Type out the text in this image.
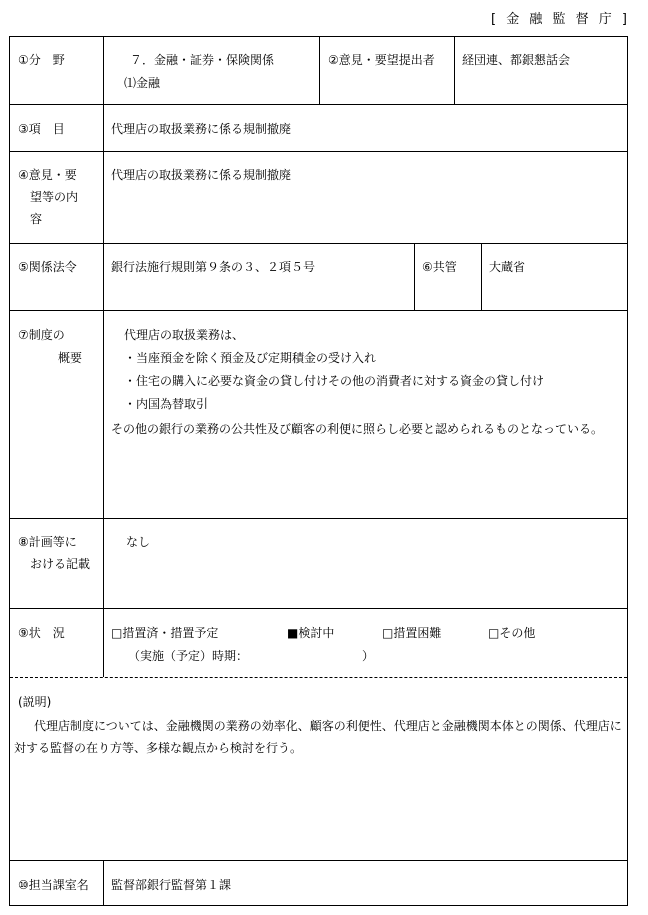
[ 金 融 監 督 庁 ]
①分　野	７．金融・証券・保険関係
⑴金融
②意見・要望提出者 経団連、都銀懇話会
③項　目	代理店の取扱業務に係る規制撤廃
④意見・要
望等の内
容
代理店の取扱業務に係る規制撤廃
⑤関係法令	銀行法施行規則第９条の３、２項５号	⑥共管	大蔵省
⑦制度の
概要
代理店の取扱業務は、
・当座預金を除く預金及び定期積金の受け入れ
・住宅の購入に必要な資金の貸し付けその他の消費者に対する資金の貸し付け
・内国為替取引
その他の銀行の業務の公共性及び顧客の利便に照らし必要と認められるものとなっている。
⑧計画等に
おける記載
なし
⑨状　況	□措置済・措置予定	■検討中	□措置困難	□その他
（実施（予定）時期：　　　　　　　　　　）
(説明)
代理店制度については、金融機関の業務の効率化、顧客の利便性、代理店と金融機関本体との関係、代理店に対する監督の在り方等、多様な観点から検討を行う。
⑩担当課室名 監督部銀行監督第１課
